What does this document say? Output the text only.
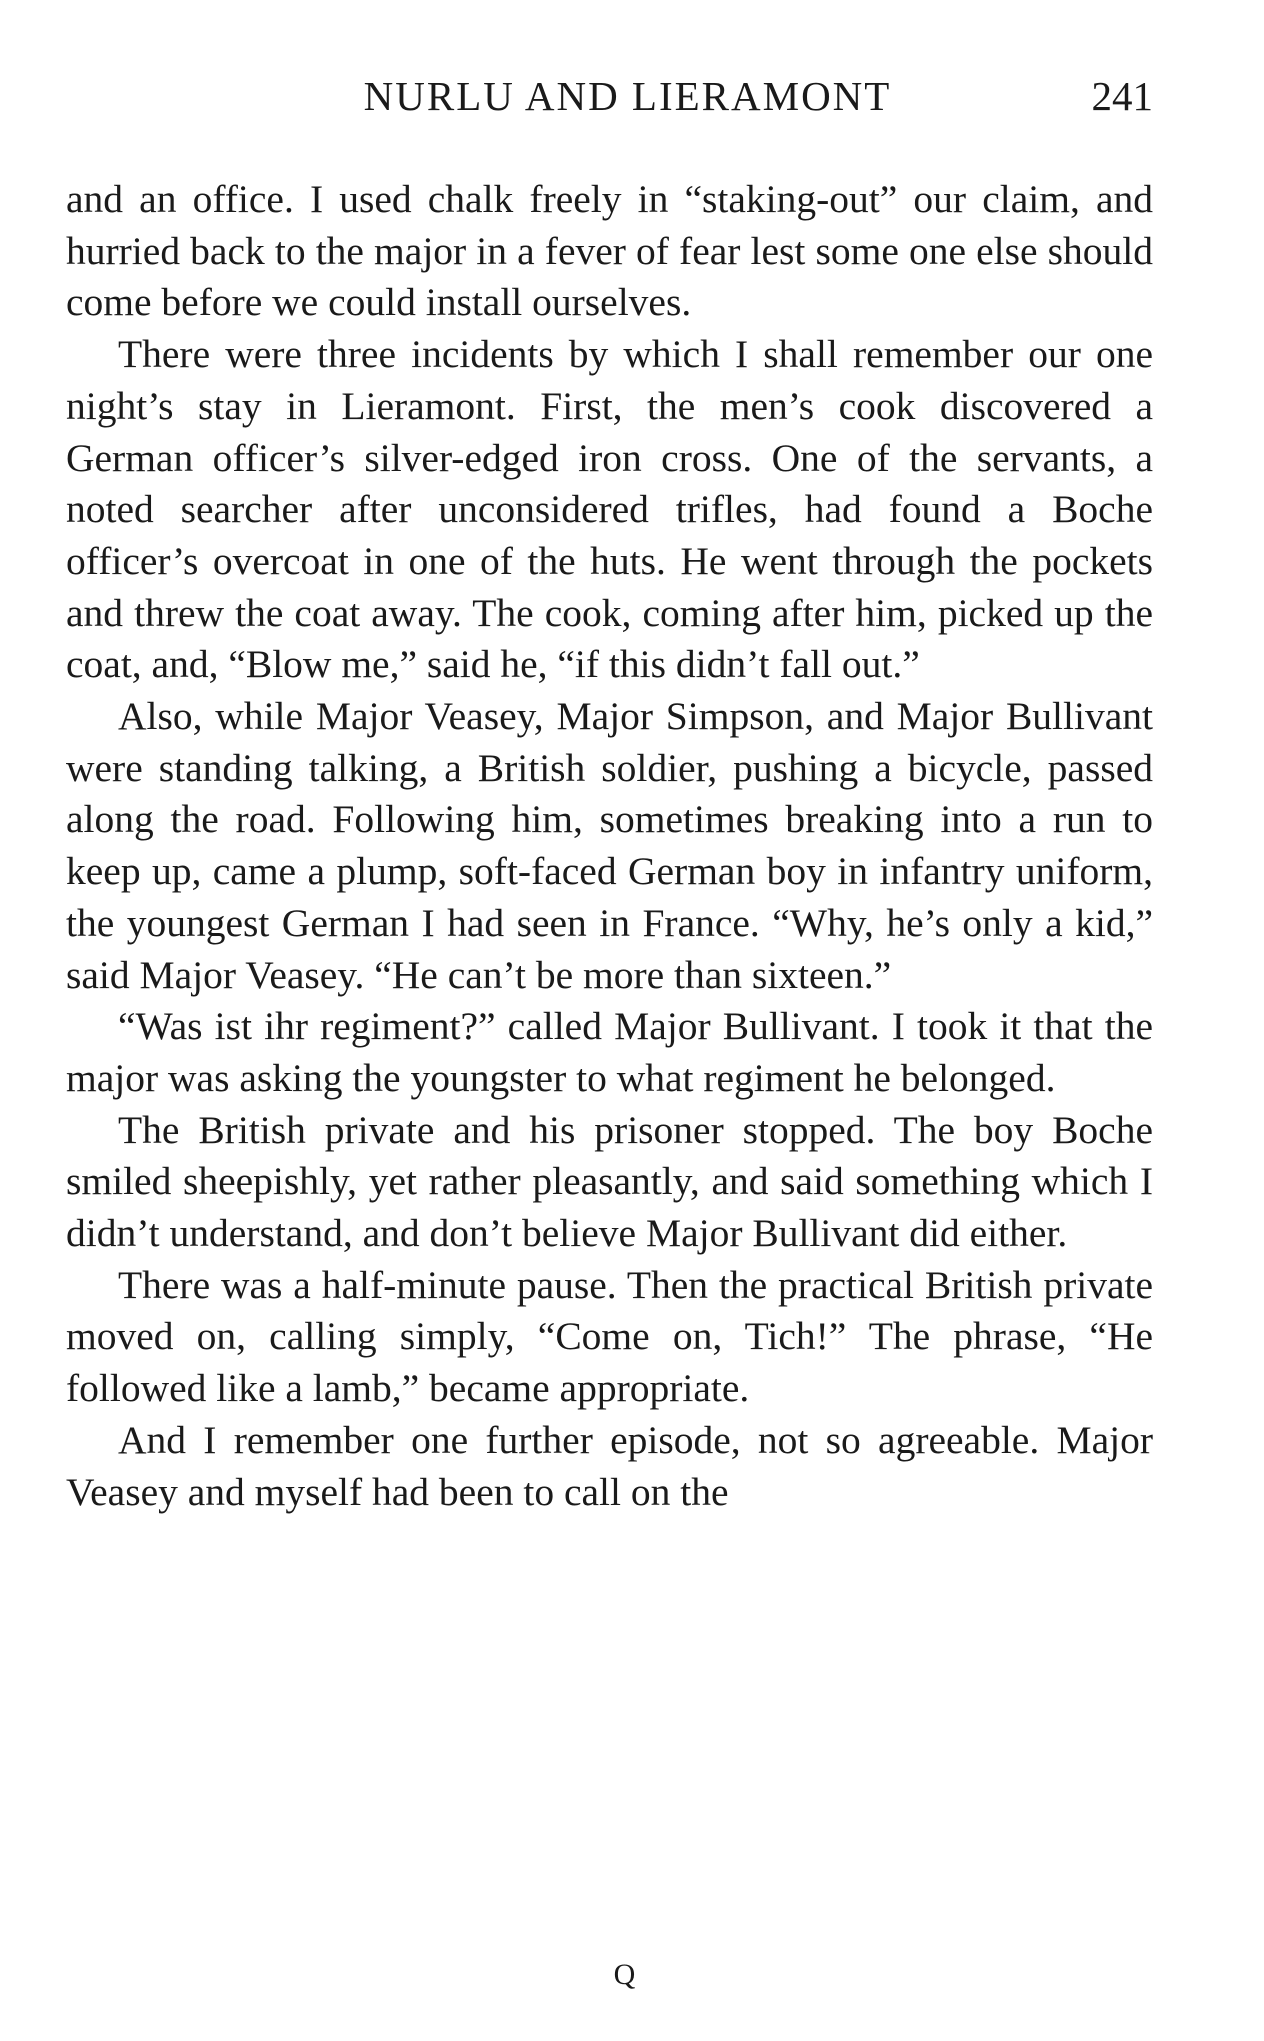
NURLU AND LIERAMONT	241

and an office. I used chalk freely in “staking-out” our claim, and hurried back to the major in a fever of fear lest some one else should come before we could install ourselves.

There were three incidents by which I shall remember our one night’s stay in Lieramont. First, the men’s cook discovered a German officer’s silver-edged iron cross. One of the servants, a noted searcher after unconsidered trifles, had found a Boche officer’s overcoat in one of the huts. He went through the pockets and threw the coat away. The cook, coming after him, picked up the coat, and, “Blow me,” said he, “if this didn’t fall out.”

Also, while Major Veasey, Major Simpson, and Major Bullivant were standing talking, a British soldier, pushing a bicycle, passed along the road. Following him, sometimes breaking into a run to keep up, came a plump, soft-faced German boy in infantry uniform, the youngest German I had seen in France. “Why, he’s only a kid,” said Major Veasey. “He can’t be more than sixteen.”

“Was ist ihr regiment?” called Major Bullivant. I took it that the major was asking the youngster to what regiment he belonged.

The British private and his prisoner stopped. The boy Boche smiled sheepishly, yet rather pleasantly, and said something which I didn’t understand, and don’t believe Major Bullivant did either.

There was a half-minute pause. Then the practical British private moved on, calling simply, “Come on, Tich!” The phrase, “He followed like a lamb,” became appropriate.

And I remember one further episode, not so agreeable. Major Veasey and myself had been to call on the

Q
